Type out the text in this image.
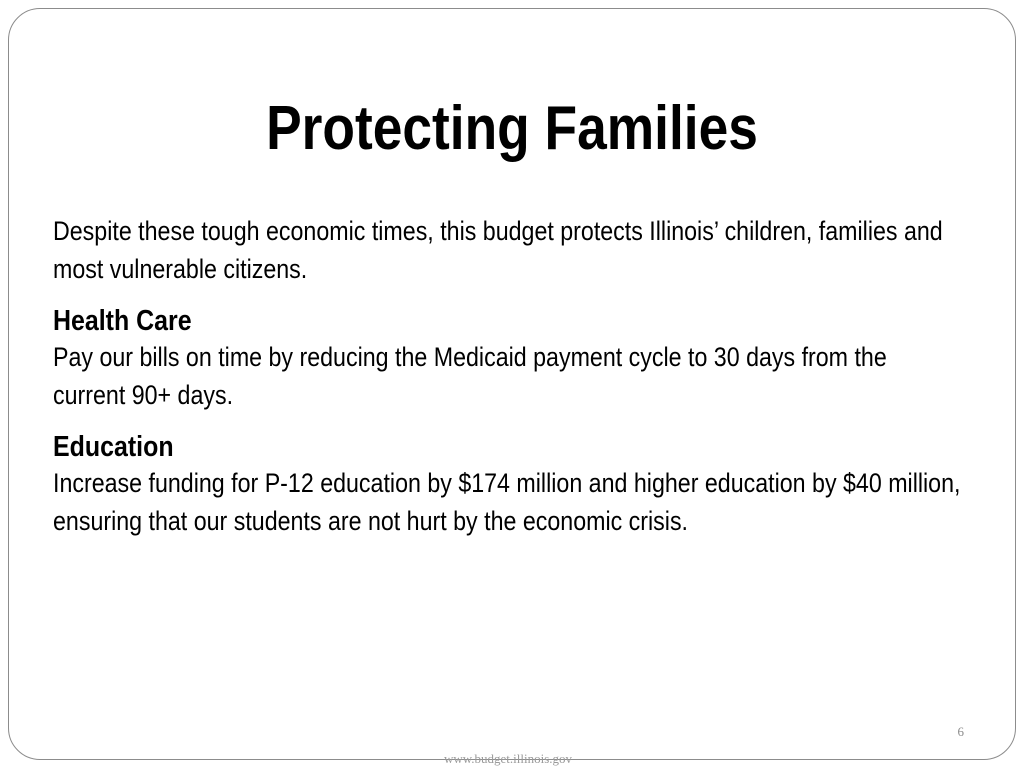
Protecting Families

Despite these tough economic times, this budget protects Illinois’ children, families and most vulnerable citizens.

Health Care

Pay our bills on time by reducing the Medicaid payment cycle to 30 days from the current 90+ days.

Education

Increase funding for P-12 education by $174 million and higher education by $40 million, ensuring that our students are not hurt by the economic crisis.

6
www.budget.illinois.gov
